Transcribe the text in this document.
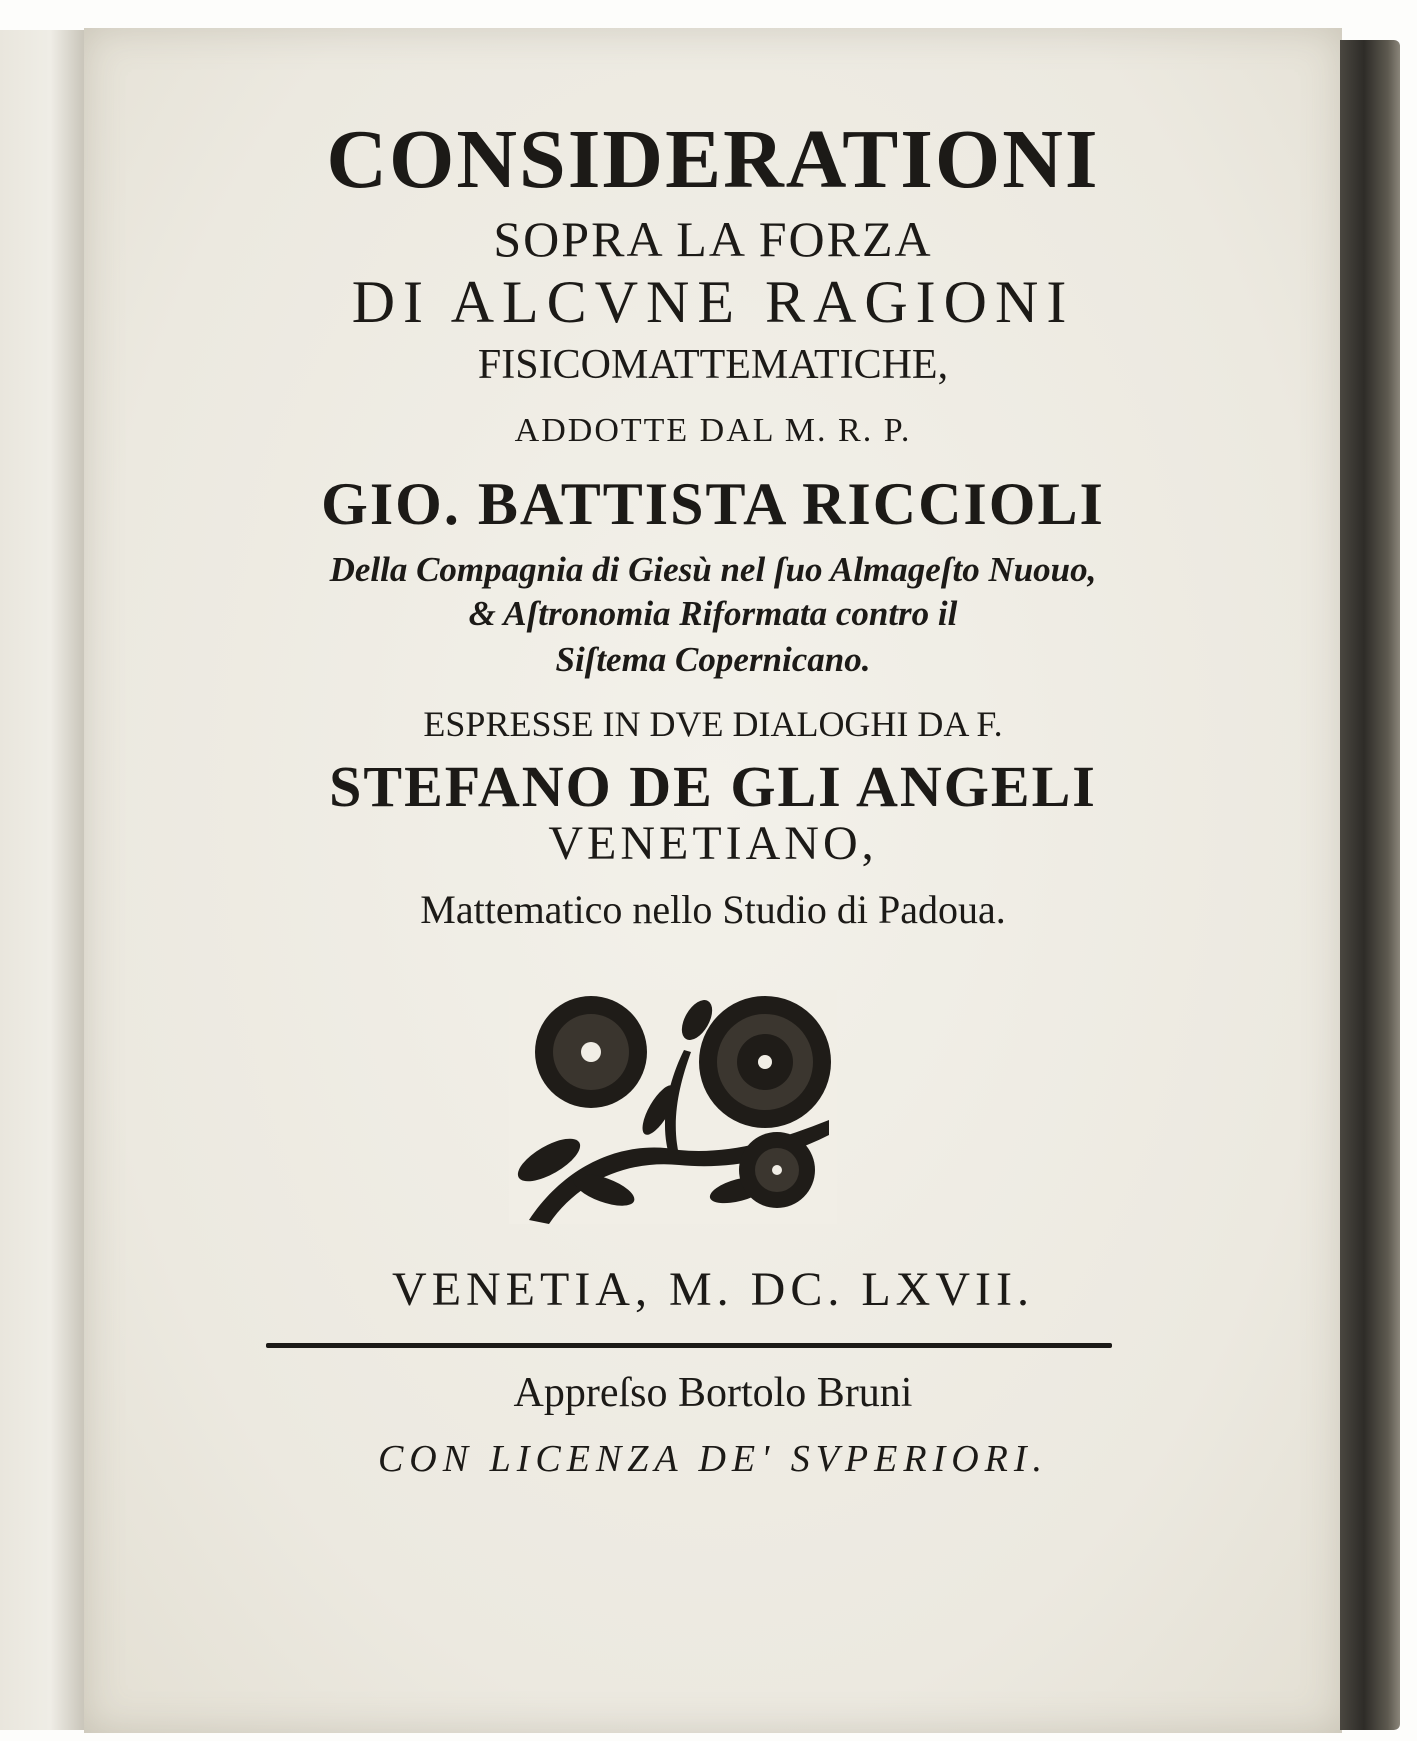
CONSIDERATIONI
SOPRA LA FORZA
DI ALCVNE RAGIONI
FISICOMATTEMATICHE,
ADDOTTE DAL M. R. P.
GIO. BATTISTA RICCIOLI
Della Compagnia di Giesù nel ſuo Almageſto Nuouo,
& Aſtronomia Riformata contro il
Siſtema Copernicano.
ESPRESSE IN DVE DIALOGHI DA F.
STEFANO DE GLI ANGELI
VENETIANO,
Mattematico nello Studio di Padoua.
VENETIA, M. DC. LXVII.
Appreſso Bortolo Bruni
CON LICENZA DE' SVPERIORI.
